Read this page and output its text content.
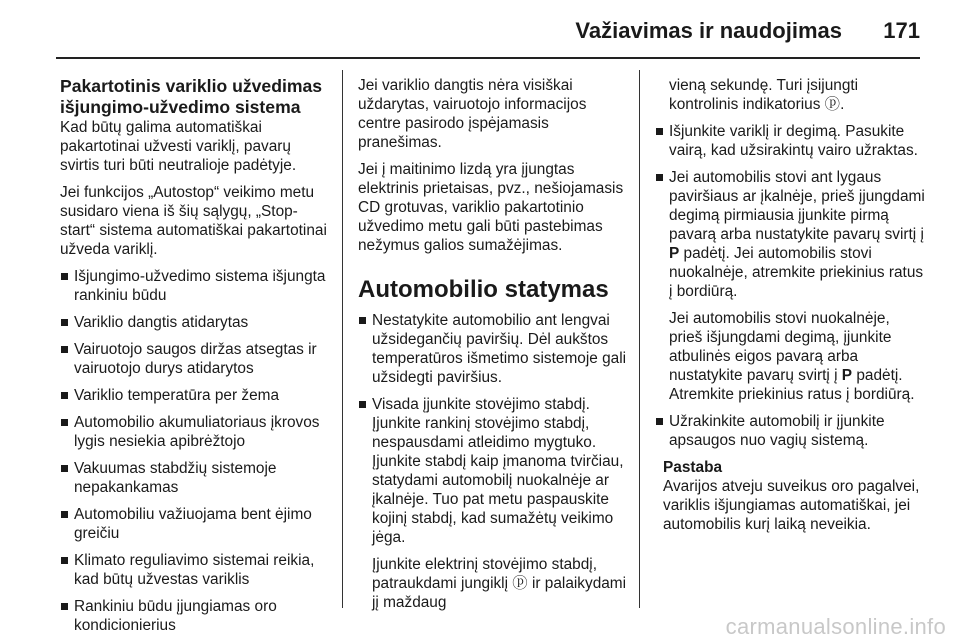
Važiavimas ir naudojimas 171
Pakartotinis variklio užvedimas išjungimo-užvedimo sistema

Kad būtų galima automatiškai pakartotinai užvesti variklį, pavarų svirtis turi būti neutralioje padėtyje.

Jei funkcijos „Autostop“ veikimo metu susidaro viena iš šių sąlygų, „Stop-start“ sistema automatiškai pakartotinai užveda variklį.

Išjungimo-užvedimo sistema išjungta rankiniu būdu
Variklio dangtis atidarytas
Vairuotojo saugos diržas atsegtas ir vairuotojo durys atidarytos
Variklio temperatūra per žema
Automobilio akumuliatoriaus įkrovos lygis nesiekia apibrėžtojo
Vakuumas stabdžių sistemoje nepakankamas
Automobiliu važiuojama bent ėjimo greičiu
Klimato reguliavimo sistemai reikia, kad būtų užvestas variklis
Rankiniu būdu įjungiamas oro kondicionierius

Jei variklio dangtis nėra visiškai uždarytas, vairuotojo informacijos centre pasirodo įspėjamasis pranešimas.

Jei į maitinimo lizdą yra įjungtas elektrinis prietaisas, pvz., nešiojamasis CD grotuvas, variklio pakartotinio užvedimo metu gali būti pastebimas nežymus galios sumažėjimas.

Automobilio statymas
Nestatykite automobilio ant lengvai užsidegančių paviršių. Dėl aukštos temperatūros išmetimo sistemoje gali užsidegti paviršius.
Visada įjunkite stovėjimo stabdį. Įjunkite rankinį stovėjimo stabdį, nespausdami atleidimo mygtuko. Įjunkite stabdį kaip įmanoma tvirčiau, statydami automobilį nuokalnėje ar įkalnėje. Tuo pat metu paspauskite kojinį stabdį, kad sumažėtų veikimo jėga.

Įjunkite elektrinį stovėjimo stabdį, patraukdami jungiklį ⓟ ir palaikydami jį maždaug

vieną sekundę. Turi įsijungti kontrolinis indikatorius ⓟ.

Išjunkite variklį ir degimą. Pasukite vairą, kad užsirakintų vairo užraktas.
Jei automobilis stovi ant lygaus paviršiaus ar įkalnėje, prieš įjungdami degimą pirmiausia įjunkite pirmą pavarą arba nustatykite pavarų svirtį į P padėtį. Jei automobilis stovi nuokalnėje, atremkite priekinius ratus į bordiūrą.

Jei automobilis stovi nuokalnėje, prieš išjungdami degimą, įjunkite atbulinės eigos pavarą arba nustatykite pavarų svirtį į P padėtį. Atremkite priekinius ratus į bordiūrą.

Užrakinkite automobilį ir įjunkite apsaugos nuo vagių sistemą.

Pastaba

Avarijos atveju suveikus oro pagalvei, variklis išjungiamas automatiškai, jei automobilis kurį laiką neveikia.

carmanualsonline.info
